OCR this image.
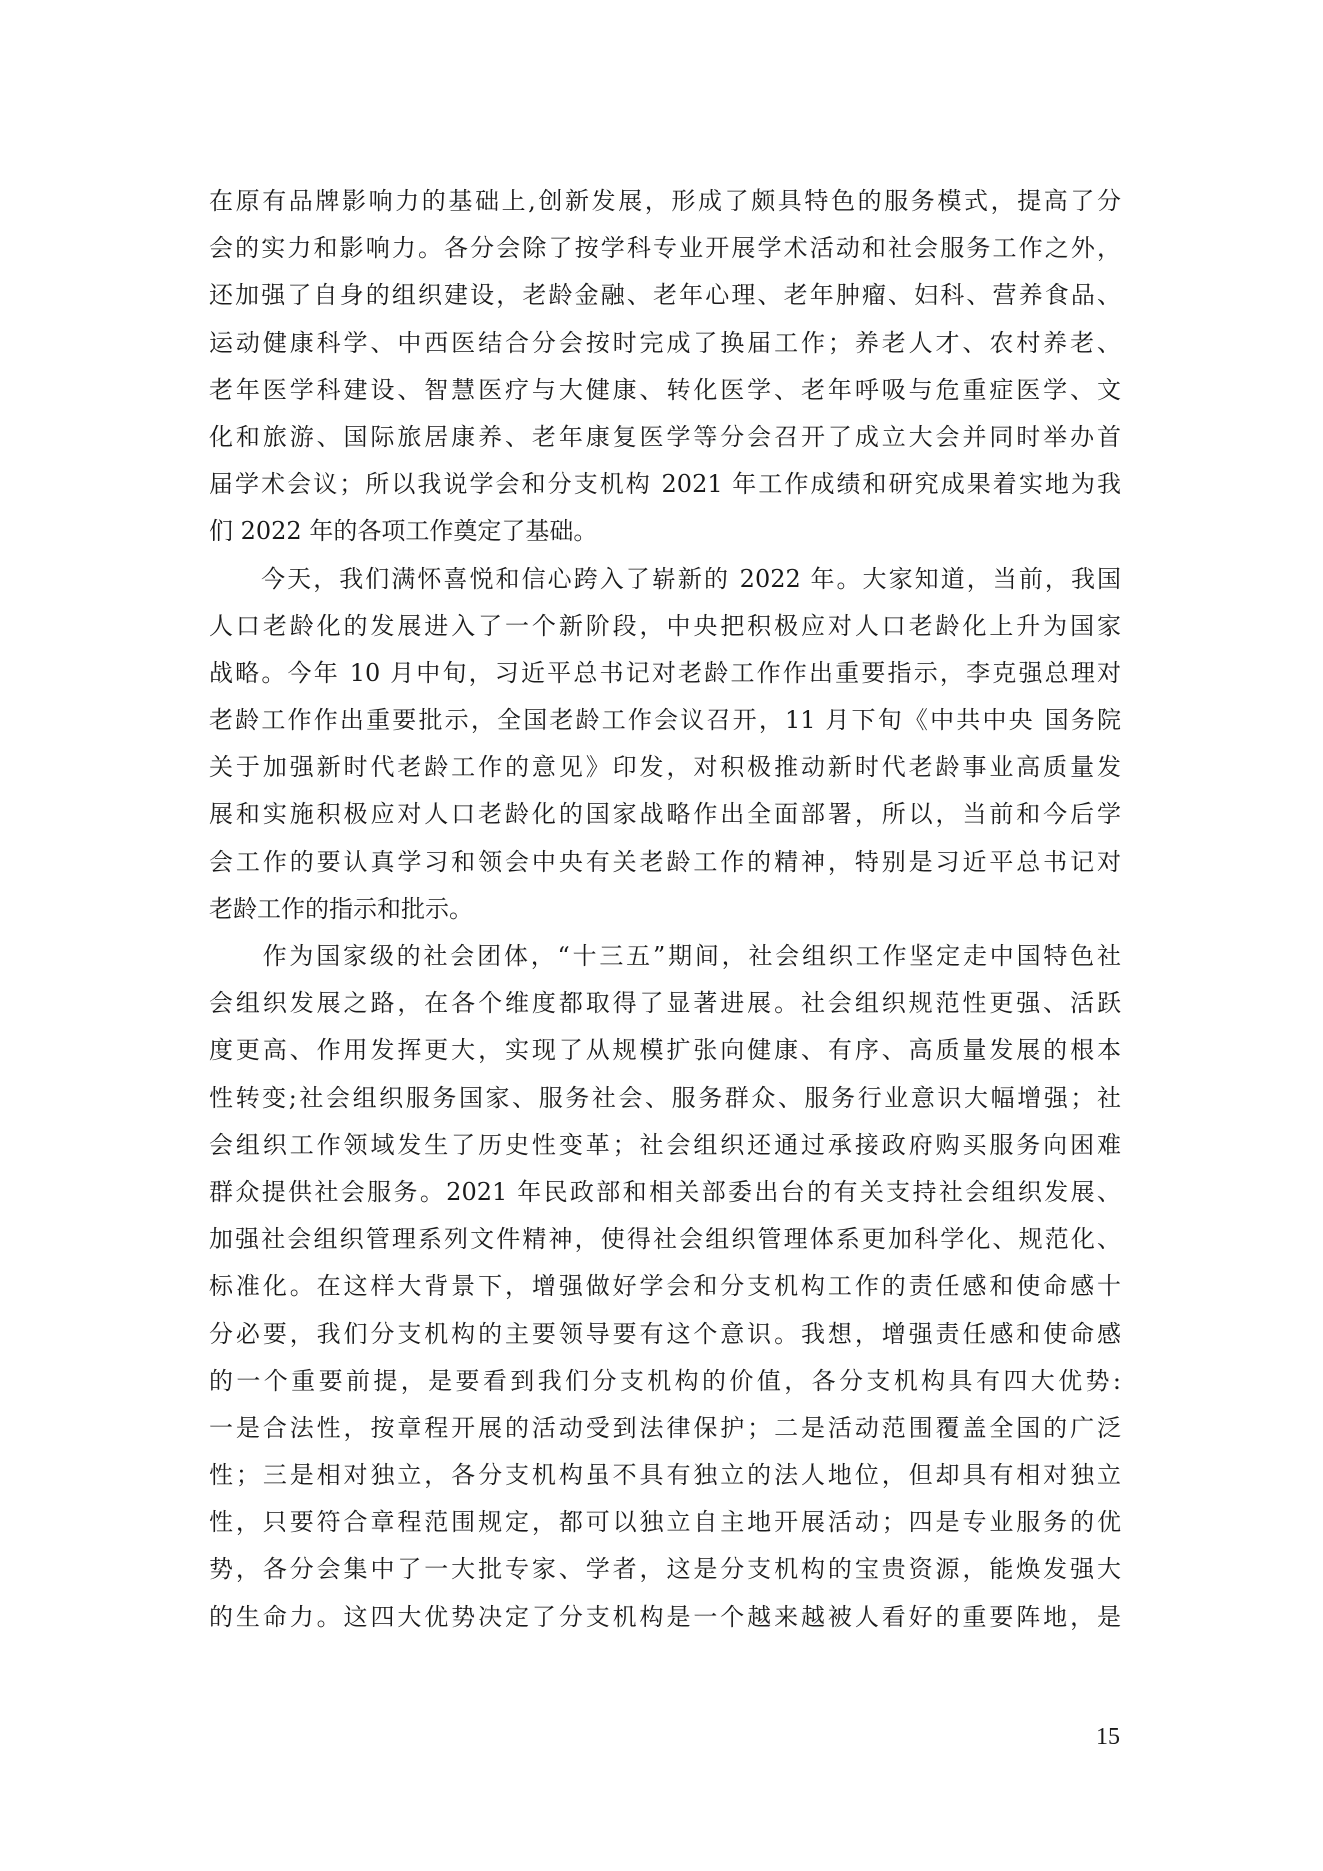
在原有品牌影响力的基础上,创新发展，形成了颇具特色的服务模式，提高了分
会的实力和影响力。各分会除了按学科专业开展学术活动和社会服务工作之外，
还加强了自身的组织建设，老龄金融、老年心理、老年肿瘤、妇科、营养食品、
运动健康科学、中西医结合分会按时完成了换届工作；养老人才、农村养老、
老年医学科建设、智慧医疗与大健康、转化医学、老年呼吸与危重症医学、文
化和旅游、国际旅居康养、老年康复医学等分会召开了成立大会并同时举办首
届学术会议；所以我说学会和分支机构 2021 年工作成绩和研究成果着实地为我
们 2022 年的各项工作奠定了基础。
　　今天，我们满怀喜悦和信心跨入了崭新的 2022 年。大家知道，当前，我国
人口老龄化的发展进入了一个新阶段，中央把积极应对人口老龄化上升为国家
战略。今年 10 月中旬，习近平总书记对老龄工作作出重要指示，李克强总理对
老龄工作作出重要批示，全国老龄工作会议召开，11 月下旬《中共中央 国务院
关于加强新时代老龄工作的意见》印发，对积极推动新时代老龄事业高质量发
展和实施积极应对人口老龄化的国家战略作出全面部署，所以，当前和今后学
会工作的要认真学习和领会中央有关老龄工作的精神，特别是习近平总书记对
老龄工作的指示和批示。
　　作为国家级的社会团体，“十三五”期间，社会组织工作坚定走中国特色社
会组织发展之路，在各个维度都取得了显著进展。社会组织规范性更强、活跃
度更高、作用发挥更大，实现了从规模扩张向健康、有序、高质量发展的根本
性转变;社会组织服务国家、服务社会、服务群众、服务行业意识大幅增强；社
会组织工作领域发生了历史性变革；社会组织还通过承接政府购买服务向困难
群众提供社会服务。2021 年民政部和相关部委出台的有关支持社会组织发展、
加强社会组织管理系列文件精神，使得社会组织管理体系更加科学化、规范化、
标准化。在这样大背景下，增强做好学会和分支机构工作的责任感和使命感十
分必要，我们分支机构的主要领导要有这个意识。我想，增强责任感和使命感
的一个重要前提，是要看到我们分支机构的价值，各分支机构具有四大优势:
一是合法性，按章程开展的活动受到法律保护；二是活动范围覆盖全国的广泛
性；三是相对独立，各分支机构虽不具有独立的法人地位，但却具有相对独立
性，只要符合章程范围规定，都可以独立自主地开展活动；四是专业服务的优
势，各分会集中了一大批专家、学者，这是分支机构的宝贵资源，能焕发强大
的生命力。这四大优势决定了分支机构是一个越来越被人看好的重要阵地，是
15
